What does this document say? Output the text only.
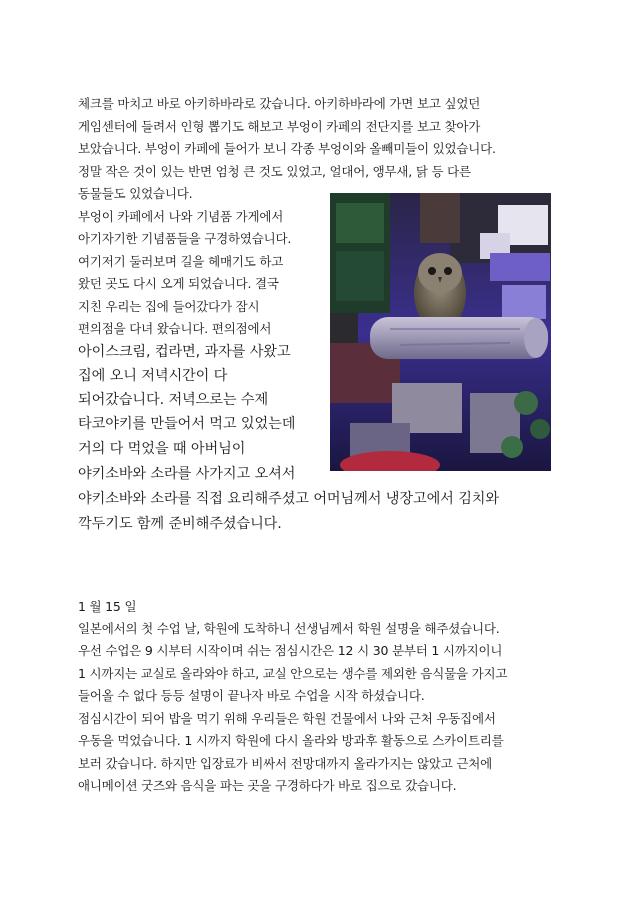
체크를 마치고 바로 아키하바라로 갔습니다. 아키하바라에 가면 보고 싶었던
게임센터에 들려서 인형 뽑기도 해보고 부엉이 카페의 전단지를 보고 찾아가
보았습니다. 부엉이 카페에 들어가 보니 각종 부엉이와 올빼미들이 있었습니다.
정말 작은 것이 있는 반면 엄청 큰 것도 있었고, 얼대어, 앵무새, 닭 등 다른
동물들도 있었습니다.
부엉이 카페에서 나와 기념품 가게에서
아기자기한 기념품들을 구경하였습니다.
여기저기 둘러보며 길을 헤매기도 하고
왔던 곳도 다시 오게 되었습니다. 결국
지친 우리는 집에 들어갔다가 잠시
편의점을 다녀 왔습니다. 편의점에서
아이스크림, 컵라면, 과자를 사왔고
집에 오니 저녁시간이 다
되어갔습니다. 저녁으로는 수제
타코야키를 만들어서 먹고 있었는데
거의 다 먹었을 때 아버님이
야키소바와 소라를 사가지고 오셔서
야키소바와 소라를 직접 요리해주셨고 어머님께서 냉장고에서 김치와
깍두기도 함께 준비해주셨습니다.
1 월 15 일
일본에서의 첫 수업 날, 학원에 도착하니 선생님께서 학원 설명을 해주셨습니다.
우선 수업은 9 시부터 시작이며 쉬는 점심시간은 12 시 30 분부터 1 시까지이니
1 시까지는 교실로 올라와야 하고, 교실 안으로는 생수를 제외한 음식물을 가지고
들어올 수 없다 등등 설명이 끝나자 바로 수업을 시작 하셨습니다.
점심시간이 되어 밥을 먹기 위해 우리들은 학원 건물에서 나와 근처 우동집에서
우동을 먹었습니다. 1 시까지 학원에 다시 올라와 방과후 활동으로 스카이트리를
보러 갔습니다. 하지만 입장료가 비싸서 전망대까지 올라가지는 않았고 근처에
애니메이션 굿즈와 음식을 파는 곳을 구경하다가 바로 집으로 갔습니다.
